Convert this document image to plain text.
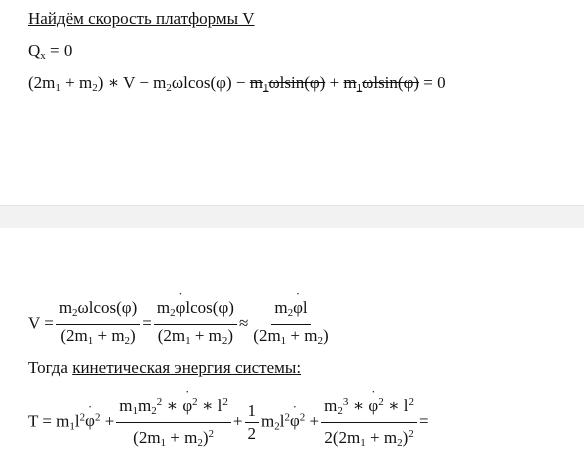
Найдём скорость платформы V
$Q_x = 0$
$(2m_1 + m_2)$ ∗ $V - m_2\omega lcos(\varphi) - m_1\omega lsin(\varphi) + m_1\omega lsin(\varphi) = 0$
$V = \frac{m_2\omega lcos(\varphi)}{(2m_1 + m_2)} = \frac{m_2\varphi ˙lcos(\varphi)}{(2m_1 + m_2)} \approx \frac{m_2\varphi ˙l}{(2m_1 + m_2)}$
Тогда кинетическая энергия системы:
$T = m_1l^2\varphi$ ˙$^2$ + $\frac{m_1m_2^2 ∗ \varphi ˙^2 ∗ l^2}{(2m_1 + m_2)^2} + \frac{1}{2} m_2l^2\varphi$ ˙$^2$ + $\frac{m_2^3 ∗ \varphi ˙^2 ∗ l^2}{2(2m_1 + m_2)^2}$ =
